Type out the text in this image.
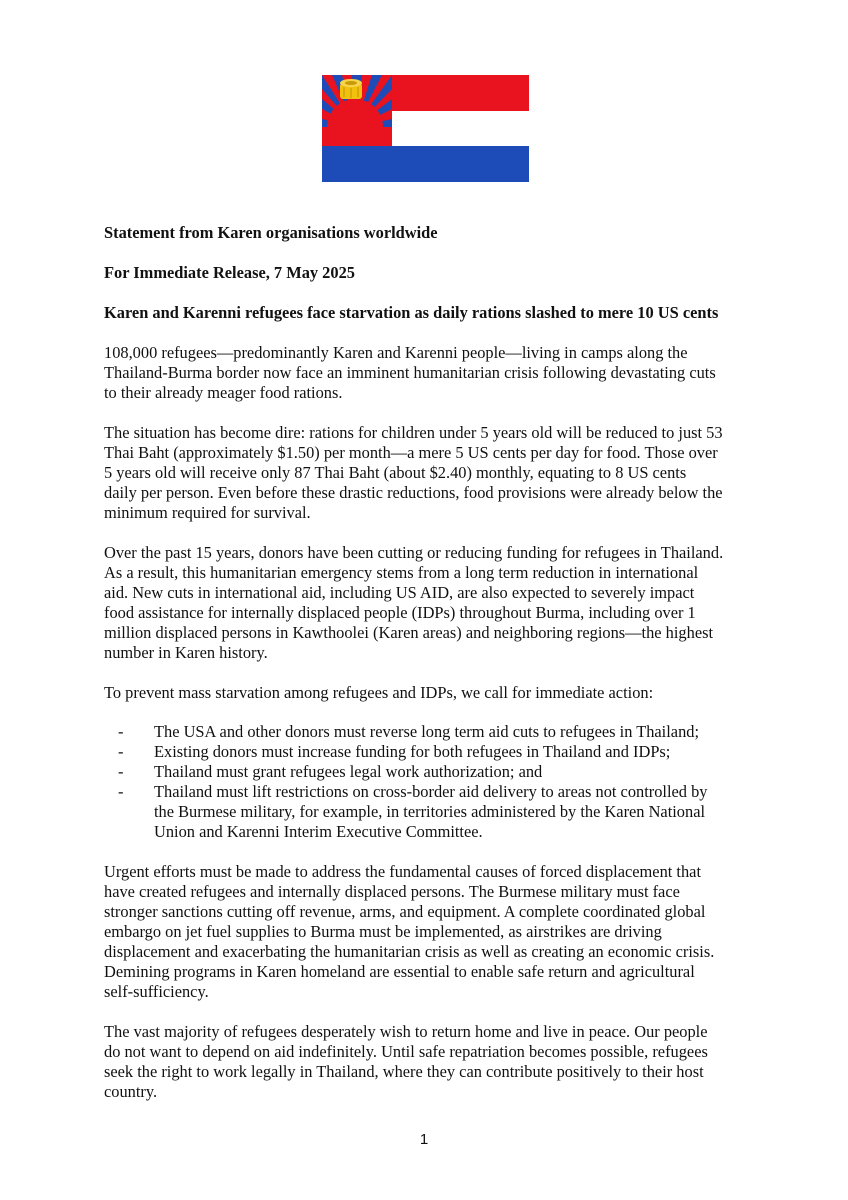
Statement from Karen organisations worldwide
For Immediate Release, 7 May 2025
Karen and Karenni refugees face starvation as daily rations slashed to mere 10 US cents
108,000 refugees—predominantly Karen and Karenni people—living in camps along the
Thailand-Burma border now face an imminent humanitarian crisis following devastating cuts
to their already meager food rations.
The situation has become dire: rations for children under 5 years old will be reduced to just 53
Thai Baht (approximately $1.50) per month—a mere 5 US cents per day for food. Those over
5 years old will receive only 87 Thai Baht (about $2.40) monthly, equating to 8 US cents
daily per person. Even before these drastic reductions, food provisions were already below the
minimum required for survival.
Over the past 15 years, donors have been cutting or reducing funding for refugees in Thailand.
As a result, this humanitarian emergency stems from a long term reduction in international
aid. New cuts in international aid, including US AID, are also expected to severely impact
food assistance for internally displaced people (IDPs) throughout Burma, including over 1
million displaced persons in Kawthoolei (Karen areas) and neighboring regions—the highest
number in Karen history.
To prevent mass starvation among refugees and IDPs, we call for immediate action:
- The USA and other donors must reverse long term aid cuts to refugees in Thailand;
- Existing donors must increase funding for both refugees in Thailand and IDPs;
- Thailand must grant refugees legal work authorization; and
- Thailand must lift restrictions on cross-border aid delivery to areas not controlled by
the Burmese military, for example, in territories administered by the Karen National
Union and Karenni Interim Executive Committee.
Urgent efforts must be made to address the fundamental causes of forced displacement that
have created refugees and internally displaced persons. The Burmese military must face
stronger sanctions cutting off revenue, arms, and equipment. A complete coordinated global
embargo on jet fuel supplies to Burma must be implemented, as airstrikes are driving
displacement and exacerbating the humanitarian crisis as well as creating an economic crisis.
Demining programs in Karen homeland are essential to enable safe return and agricultural
self-sufficiency.
The vast majority of refugees desperately wish to return home and live in peace. Our people
do not want to depend on aid indefinitely. Until safe repatriation becomes possible, refugees
seek the right to work legally in Thailand, where they can contribute positively to their host
country.
1
